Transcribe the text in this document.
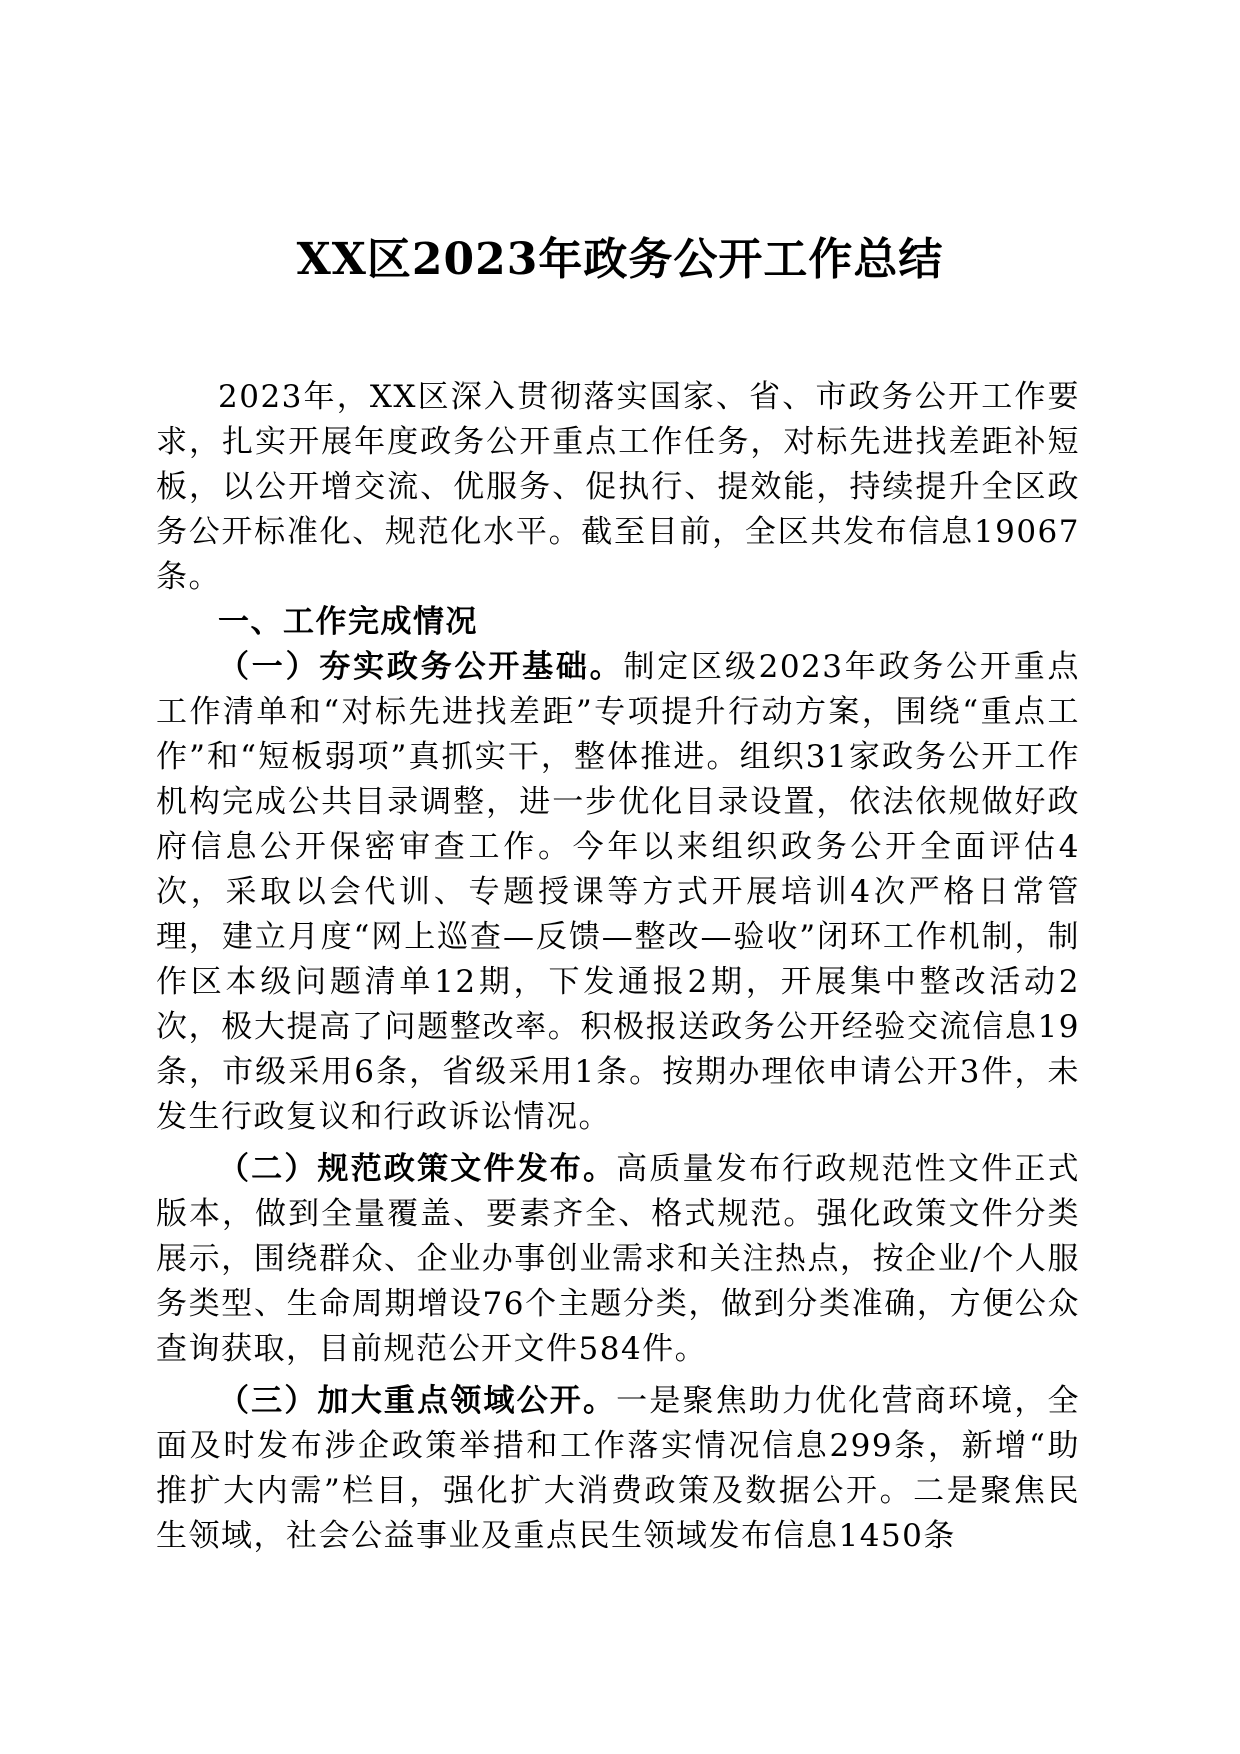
XX区2023年政务公开工作总结

2023年，XX区深入贯彻落实国家、省、市政务公开工作要求，扎实开展年度政务公开重点工作任务，对标先进找差距补短板，以公开增交流、优服务、促执行、提效能，持续提升全区政务公开标准化、规范化水平。截至目前，全区共发布信息19067条。

一、工作完成情况

（一）夯实政务公开基础。制定区级2023年政务公开重点工作清单和“对标先进找差距”专项提升行动方案，围绕“重点工作”和“短板弱项”真抓实干，整体推进。组织31家政务公开工作机构完成公共目录调整，进一步优化目录设置，依法依规做好政府信息公开保密审查工作。今年以来组织政务公开全面评估4次，采取以会代训、专题授课等方式开展培训4次严格日常管理，建立月度“网上巡查—反馈—整改—验收”闭环工作机制，制作区本级问题清单12期，下发通报2期，开展集中整改活动2次，极大提高了问题整改率。积极报送政务公开经验交流信息19条，市级采用6条，省级采用1条。按期办理依申请公开3件，未发生行政复议和行政诉讼情况。

（二）规范政策文件发布。高质量发布行政规范性文件正式版本，做到全量覆盖、要素齐全、格式规范。强化政策文件分类展示，围绕群众、企业办事创业需求和关注热点，按企业/个人服务类型、生命周期增设76个主题分类，做到分类准确，方便公众查询获取，目前规范公开文件584件。

（三）加大重点领域公开。一是聚焦助力优化营商环境，全面及时发布涉企政策举措和工作落实情况信息299条，新增“助推扩大内需”栏目，强化扩大消费政策及数据公开。二是聚焦民生领域，社会公益事业及重点民生领域发布信息1450条
